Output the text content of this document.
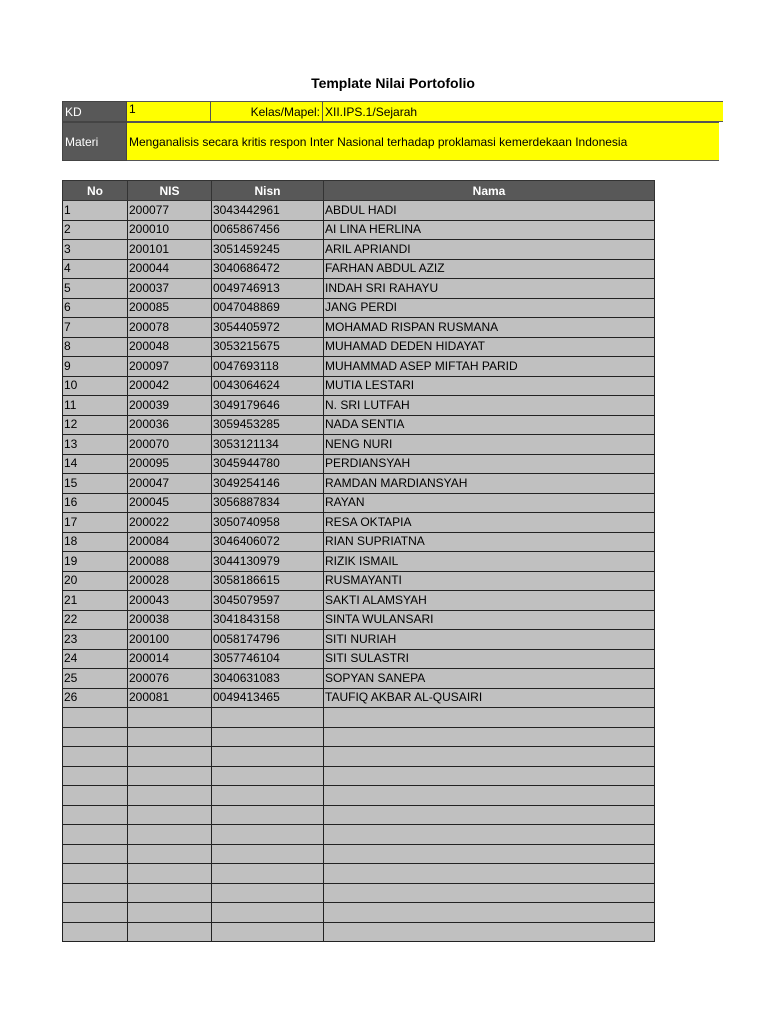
Template Nilai Portofolio
KD	1	Kelas/Mapel: XII.IPS.1/Sejarah
Materi	Menganalisis secara kritis respon Inter Nasional terhadap proklamasi kemerdekaan Indonesia
No	NIS	Nisn	Nama
1	200077	3043442961	ABDUL HADI
2	200010	0065867456	AI LINA HERLINA
3	200101	3051459245	ARIL APRIANDI
4	200044	3040686472	FARHAN ABDUL AZIZ
5	200037	0049746913	INDAH SRI RAHAYU
6	200085	0047048869	JANG PERDI
7	200078	3054405972	MOHAMAD RISPAN RUSMANA
8	200048	3053215675	MUHAMAD DEDEN HIDAYAT
9	200097	0047693118	MUHAMMAD ASEP MIFTAH PARID
10	200042	0043064624	MUTIA LESTARI
11	200039	3049179646	N. SRI LUTFAH
12	200036	3059453285	NADA SENTIA
13	200070	3053121134	NENG NURI
14	200095	3045944780	PERDIANSYAH
15	200047	3049254146	RAMDAN MARDIANSYAH
16	200045	3056887834	RAYAN
17	200022	3050740958	RESA OKTAPIA
18	200084	3046406072	RIAN SUPRIATNA
19	200088	3044130979	RIZIK ISMAIL
20	200028	3058186615	RUSMAYANTI
21	200043	3045079597	SAKTI ALAMSYAH
22	200038	3041843158	SINTA WULANSARI
23	200100	0058174796	SITI NURIAH
24	200014	3057746104	SITI SULASTRI
25	200076	3040631083	SOPYAN SANEPA
26	200081	0049413465	TAUFIQ AKBAR AL-QUSAIRI
